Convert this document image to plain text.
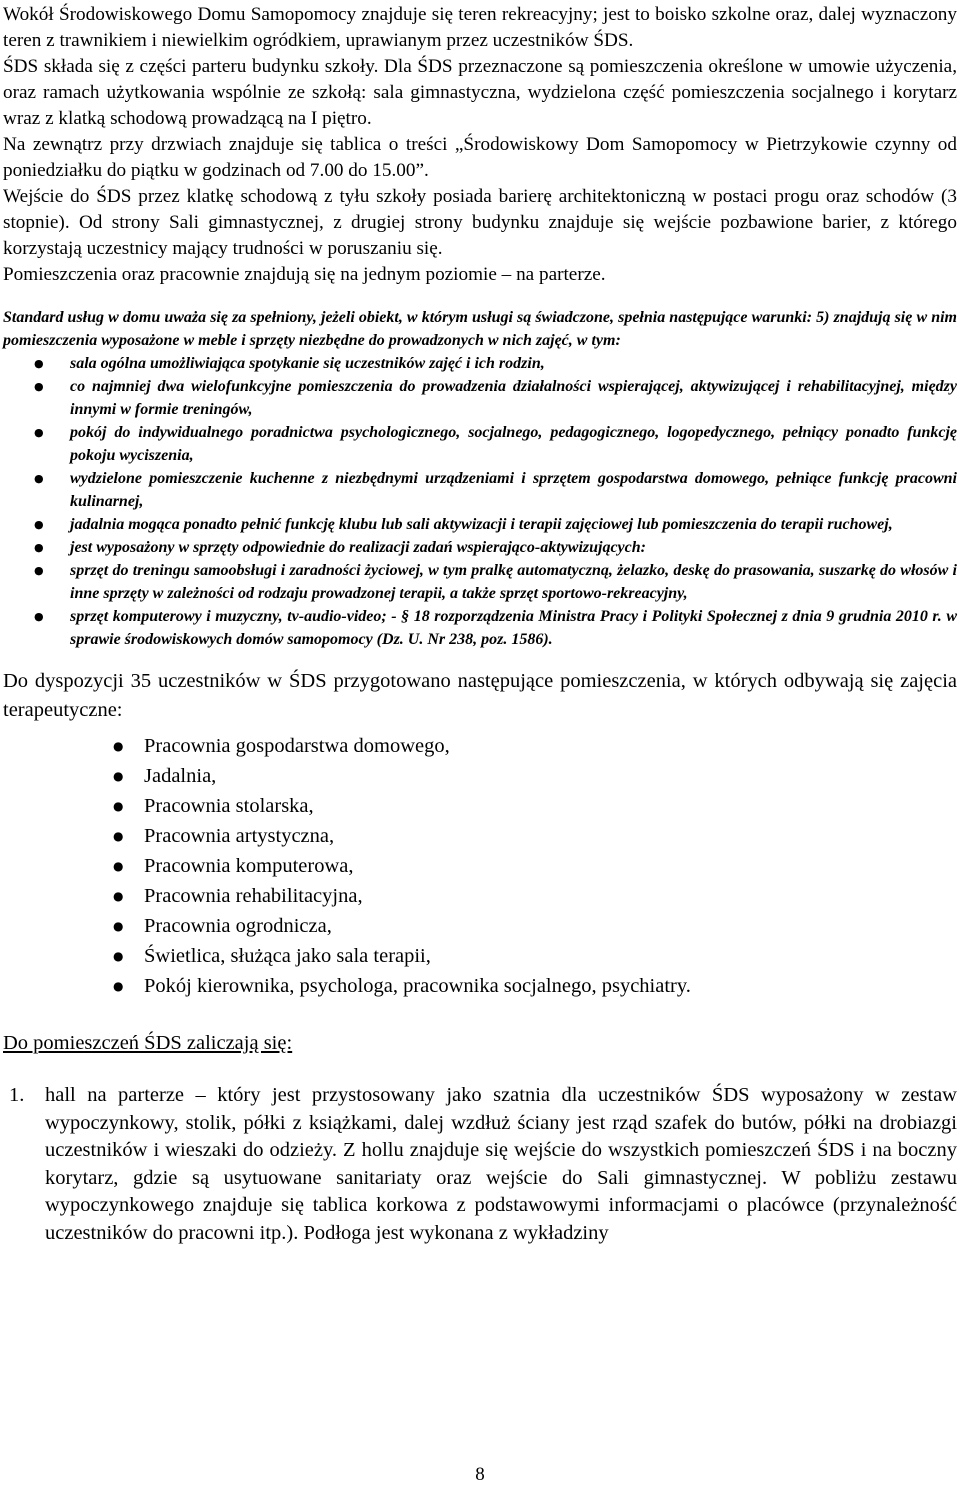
Wokół Środowiskowego Domu Samopomocy znajduje się teren rekreacyjny; jest to boisko szkolne oraz, dalej wyznaczony teren z trawnikiem i niewielkim ogródkiem, uprawianym przez uczestników ŚDS.

ŚDS składa się z części parteru budynku szkoły. Dla ŚDS przeznaczone są pomieszczenia określone w umowie użyczenia, oraz ramach użytkowania wspólnie ze szkołą: sala gimnastyczna, wydzielona część pomieszczenia socjalnego i korytarz wraz z klatką schodową prowadzącą na I piętro.

Na zewnątrz przy drzwiach znajduje się tablica o treści „Środowiskowy Dom Samopomocy w Pietrzykowie czynny od poniedziałku do piątku w godzinach od 7.00 do 15.00”.

Wejście do ŚDS przez klatkę schodową z tyłu szkoły posiada barierę architektoniczną w postaci progu oraz schodów (3 stopnie). Od strony Sali gimnastycznej, z drugiej strony budynku znajduje się wejście pozbawione barier, z którego korzystają uczestnicy mający trudności w poruszaniu się.

Pomieszczenia oraz pracownie znajdują się na jednym poziomie – na parterze.

Standard usług w domu uważa się za spełniony, jeżeli obiekt, w którym usługi są świadczone, spełnia następujące warunki: 5) znajdują się w nim pomieszczenia wyposażone w meble i sprzęty niezbędne do prowadzonych w nich zajęć, w tym:

● sala ogólna umożliwiająca spotykanie się uczestników zajęć i ich rodzin,
● co najmniej dwa wielofunkcyjne pomieszczenia do prowadzenia działalności wspierającej, aktywizującej i rehabilitacyjnej, między innymi w formie treningów,
● pokój do indywidualnego poradnictwa psychologicznego, socjalnego, pedagogicznego, logopedycznego, pełniący ponadto funkcję pokoju wyciszenia,
● wydzielone pomieszczenie kuchenne z niezbędnymi urządzeniami i sprzętem gospodarstwa domowego, pełniące funkcję pracowni kulinarnej,
● jadalnia mogąca ponadto pełnić funkcję klubu lub sali aktywizacji i terapii zajęciowej lub pomieszczenia do terapii ruchowej,
● jest wyposażony w sprzęty odpowiednie do realizacji zadań wspierająco-aktywizujących:
● sprzęt do treningu samoobsługi i zaradności życiowej, w tym pralkę automatyczną, żelazko, deskę do prasowania, suszarkę do włosów i inne sprzęty w zależności od rodzaju prowadzonej terapii, a także sprzęt sportowo-rekreacyjny,
● sprzęt komputerowy i muzyczny, tv-audio-video; - § 18 rozporządzenia Ministra Pracy i Polityki Społecznej z dnia 9 grudnia 2010 r. w sprawie środowiskowych domów samopomocy (Dz. U. Nr 238, poz. 1586).

Do dyspozycji 35 uczestników w ŚDS przygotowano następujące pomieszczenia, w których odbywają się zajęcia terapeutyczne:

● Pracownia gospodarstwa domowego,
● Jadalnia,
● Pracownia stolarska,
● Pracownia artystyczna,
● Pracownia komputerowa,
● Pracownia rehabilitacyjna,
● Pracownia ogrodnicza,
● Świetlica, służąca jako sala terapii,
● Pokój kierownika, psychologa, pracownika socjalnego, psychiatry.
Do pomieszczeń ŚDS zaliczają się:
1. hall na parterze – który jest przystosowany jako szatnia dla uczestników ŚDS wyposażony w zestaw wypoczynkowy, stolik, półki z książkami, dalej wzdłuż ściany jest rząd szafek do butów, półki na drobiazgi uczestników i wieszaki do odzieży. Z hollu znajduje się wejście do wszystkich pomieszczeń ŚDS i na boczny korytarz, gdzie są usytuowane sanitariaty oraz wejście do Sali gimnastycznej. W pobliżu zestawu wypoczynkowego znajduje się tablica korkowa z podstawowymi informacjami o placówce (przynależność uczestników do pracowni itp.). Podłoga jest wykonana z wykładziny
8
